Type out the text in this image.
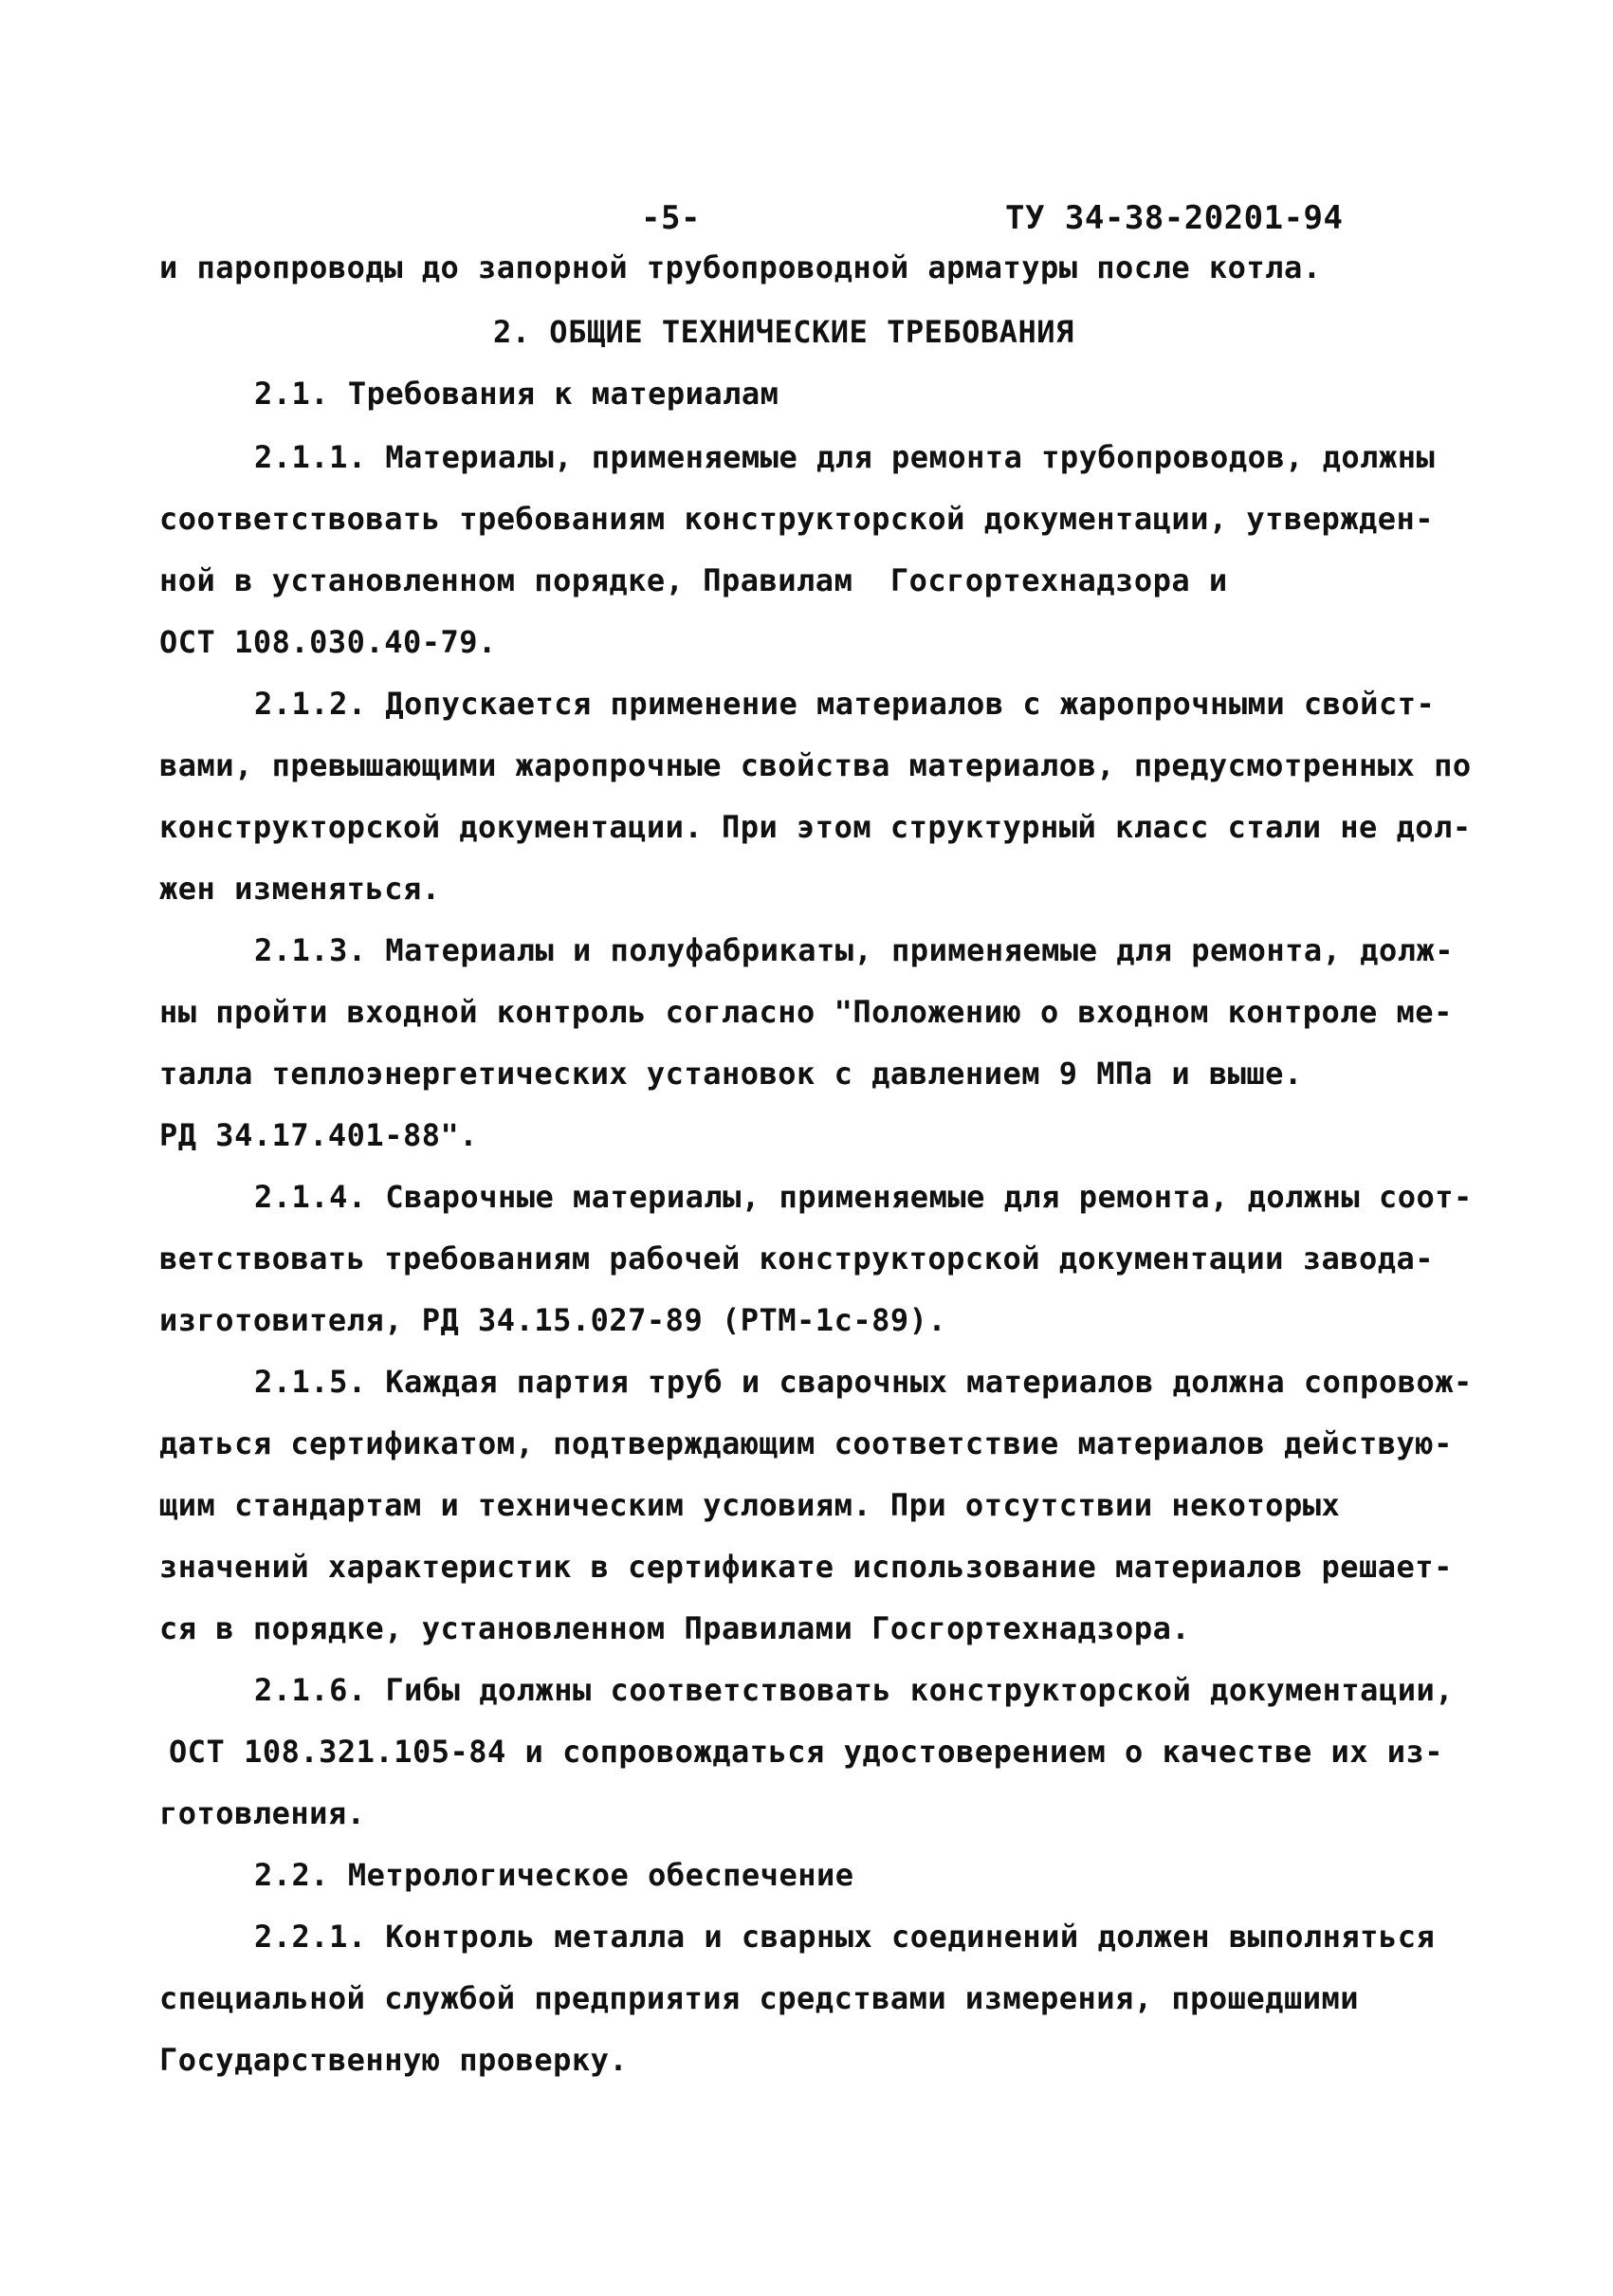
-5-	ТУ 34-38-20201-94
и паропроводы до запорной трубопроводной арматуры после котла.
2. ОБЩИЕ ТЕХНИЧЕСКИЕ ТРЕБОВАНИЯ
2.1. Требования к материалам
2.1.1. Материалы, применяемые для ремонта трубопроводов, должны
соответствовать требованиям конструкторской документации, утвержден-
ной в установленном порядке, Правилам  Госгортехнадзора и
ОСТ 108.030.40-79.
2.1.2. Допускается применение материалов с жаропрочными свойст-
вами, превышающими жаропрочные свойства материалов, предусмотренных по
конструкторской документации. При этом структурный класс стали не дол-
жен изменяться.
2.1.3. Материалы и полуфабрикаты, применяемые для ремонта, долж-
ны пройти входной контроль согласно "Положению о входном контроле ме-
талла теплоэнергетических установок с давлением 9 МПа и выше.
РД 34.17.401-88".
2.1.4. Сварочные материалы, применяемые для ремонта, должны соот-
ветствовать требованиям рабочей конструкторской документации завода-
изготовителя, РД 34.15.027-89 (РТМ-1с-89).
2.1.5. Каждая партия труб и сварочных материалов должна сопровож-
даться сертификатом, подтверждающим соответствие материалов действую-
щим стандартам и техническим условиям. При отсутствии некоторых
значений характеристик в сертификате использование материалов решает-
ся в порядке, установленном Правилами Госгортехнадзора.
2.1.6. Гибы должны соответствовать конструкторской документации,
ОСТ 108.321.105-84 и сопровождаться удостоверением о качестве их из-
готовления.
2.2. Метрологическое обеспечение
2.2.1. Контроль металла и сварных соединений должен выполняться
специальной службой предприятия средствами измерения, прошедшими
Государственную проверку.
